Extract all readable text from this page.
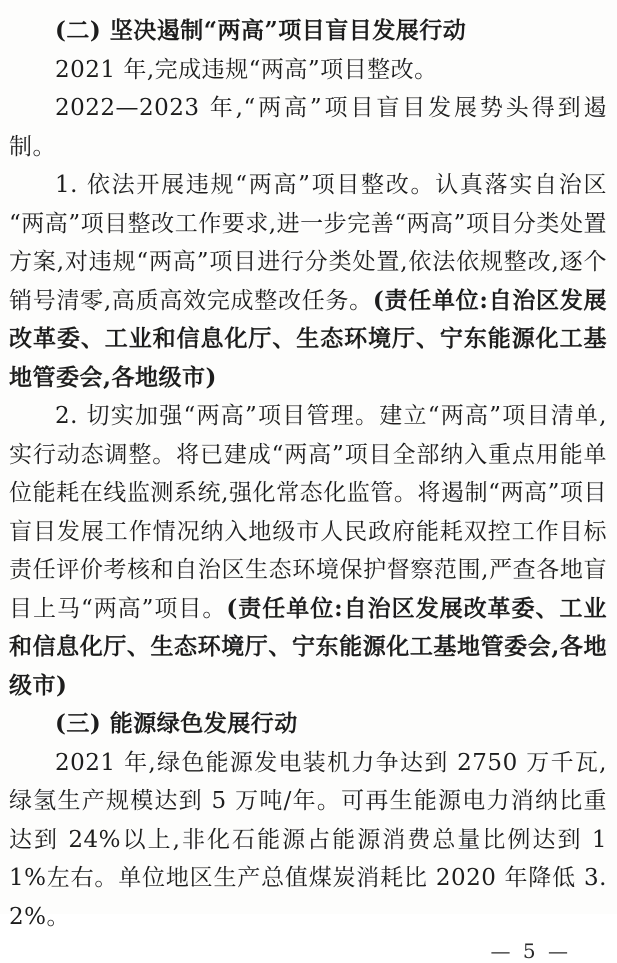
(二) 坚决遏制“两高”项目盲目发展行动

2021 年,完成违规“两高”项目整改。

2022—2023 年,“两高”项目盲目发展势头得到遏制。

1. 依法开展违规“两高”项目整改。认真落实自治区“两高”项目整改工作要求,进一步完善“两高”项目分类处置方案,对违规“两高”项目进行分类处置,依法依规整改,逐个销号清零,高质高效完成整改任务。(责任单位:自治区发展改革委、工业和信息化厅、生态环境厅、宁东能源化工基地管委会,各地级市)

2. 切实加强“两高”项目管理。建立“两高”项目清单,实行动态调整。将已建成“两高”项目全部纳入重点用能单位能耗在线监测系统,强化常态化监管。将遏制“两高”项目盲目发展工作情况纳入地级市人民政府能耗双控工作目标责任评价考核和自治区生态环境保护督察范围,严查各地盲目上马“两高”项目。(责任单位:自治区发展改革委、工业和信息化厅、生态环境厅、宁东能源化工基地管委会,各地级市)

(三) 能源绿色发展行动

2021 年,绿色能源发电装机力争达到 2750 万千瓦,绿氢生产规模达到 5 万吨/年。可再生能源电力消纳比重达到 24%以上,非化石能源占能源消费总量比例达到 11%左右。单位地区生产总值煤炭消耗比 2020 年降低 3.2%。

— 5 —
